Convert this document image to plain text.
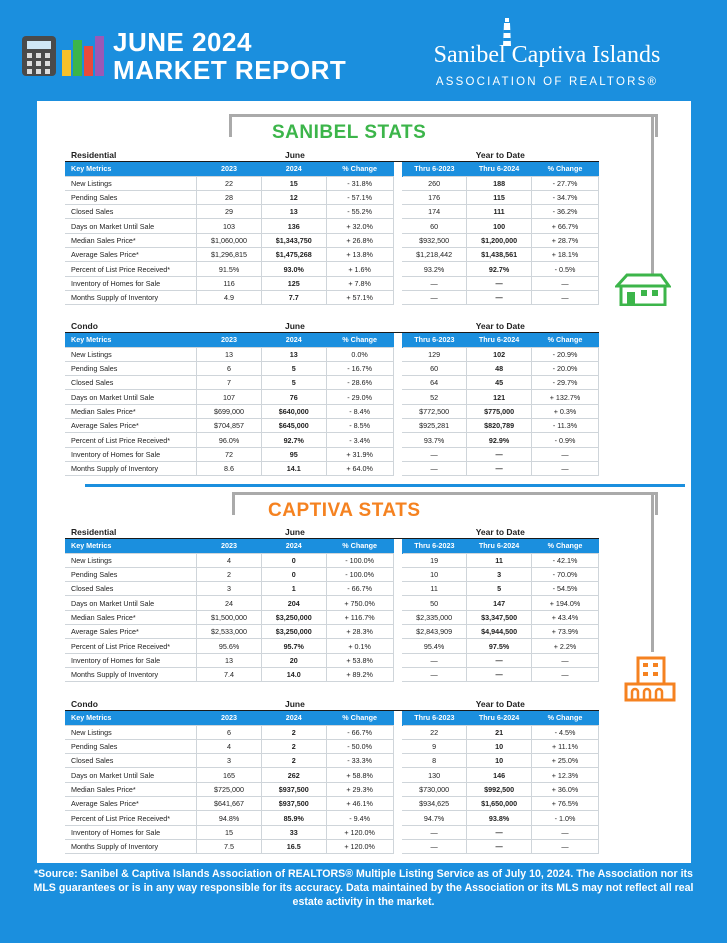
JUNE 2024
MARKET REPORT	Sanibel Captiva Islands
ASSOCIATION OF REALTORS®
SANIBEL STATS
Residential	June				Year to Date		
Key Metrics	2023	2024	% Change		Thru 6-2023	Thru 6-2024	% Change
New Listings	22	15	- 31.8%		260	188	- 27.7%
Pending Sales	28	12	- 57.1%		176	115	- 34.7%
Closed Sales	29	13	- 55.2%		174	111	- 36.2%
Days on Market Until Sale	103	136	+ 32.0%		60	100	+ 66.7%
Median Sales Price*	$1,060,000	$1,343,750	+ 26.8%		$932,500	$1,200,000	+ 28.7%
Average Sales Price*	$1,296,815	$1,475,268	+ 13.8%		$1,218,442	$1,438,561	+ 18.1%
Percent of List Price Received*	91.5%	93.0%	+ 1.6%		93.2%	92.7%	- 0.5%
Inventory of Homes for Sale	116	125	+ 7.8%		—	—	—
Months Supply of Inventory	4.9	7.7	+ 57.1%		—	—	—
Condo	June				Year to Date		
Key Metrics	2023	2024	% Change		Thru 6-2023	Thru 6-2024	% Change
New Listings	13	13	0.0%		129	102	- 20.9%
Pending Sales	6	5	- 16.7%		60	48	- 20.0%
Closed Sales	7	5	- 28.6%		64	45	- 29.7%
Days on Market Until Sale	107	76	- 29.0%		52	121	+ 132.7%
Median Sales Price*	$699,000	$640,000	- 8.4%		$772,500	$775,000	+ 0.3%
Average Sales Price*	$704,857	$645,000	- 8.5%		$925,281	$820,789	- 11.3%
Percent of List Price Received*	96.0%	92.7%	- 3.4%		93.7%	92.9%	- 0.9%
Inventory of Homes for Sale	72	95	+ 31.9%		—	—	—
Months Supply of Inventory	8.6	14.1	+ 64.0%		—	—	—
CAPTIVA STATS
Residential	June				Year to Date		
Key Metrics	2023	2024	% Change		Thru 6-2023	Thru 6-2024	% Change
New Listings	4	0	- 100.0%		19	11	- 42.1%
Pending Sales	2	0	- 100.0%		10	3	- 70.0%
Closed Sales	3	1	- 66.7%		11	5	- 54.5%
Days on Market Until Sale	24	204	+ 750.0%		50	147	+ 194.0%
Median Sales Price*	$1,500,000	$3,250,000	+ 116.7%		$2,335,000	$3,347,500	+ 43.4%
Average Sales Price*	$2,533,000	$3,250,000	+ 28.3%		$2,843,909	$4,944,500	+ 73.9%
Percent of List Price Received*	95.6%	95.7%	+ 0.1%		95.4%	97.5%	+ 2.2%
Inventory of Homes for Sale	13	20	+ 53.8%		—	—	—
Months Supply of Inventory	7.4	14.0	+ 89.2%		—	—	—
Condo	June				Year to Date		
Key Metrics	2023	2024	% Change		Thru 6-2023	Thru 6-2024	% Change
New Listings	6	2	- 66.7%		22	21	- 4.5%
Pending Sales	4	2	- 50.0%		9	10	+ 11.1%
Closed Sales	3	2	- 33.3%		8	10	+ 25.0%
Days on Market Until Sale	165	262	+ 58.8%		130	146	+ 12.3%
Median Sales Price*	$725,000	$937,500	+ 29.3%		$730,000	$992,500	+ 36.0%
Average Sales Price*	$641,667	$937,500	+ 46.1%		$934,625	$1,650,000	+ 76.5%
Percent of List Price Received*	94.8%	85.9%	- 9.4%		94.7%	93.8%	- 1.0%
Inventory of Homes for Sale	15	33	+ 120.0%		—	—	—
Months Supply of Inventory	7.5	16.5	+ 120.0%		—	—	—
*Source: Sanibel & Captiva Islands Association of REALTORS® Multiple Listing Service as of July 10, 2024. The Association nor its MLS guarantees or is in any way responsible for its accuracy. Data maintained by the Association or its MLS may not reflect all real estate activity in the market.
